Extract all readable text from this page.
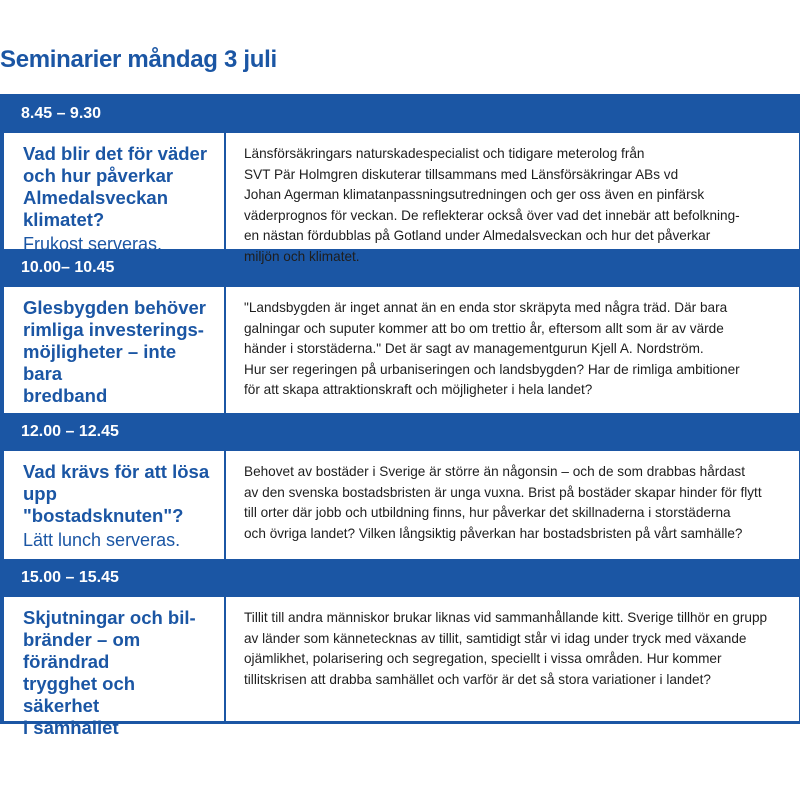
Seminarier måndag 3 juli
8.45 – 9.30
Vad blir det för väder
och hur påverkar
Almedalsveckan
klimatet?
Frukost serveras.
Länsförsäkringars naturskadespecialist och tidigare meterolog från
SVT Pär Holmgren diskuterar tillsammans med Länsförsäkringar ABs vd
Johan Agerman klimatanpassningsutredningen och ger oss även en pinfärsk
väderprognos för veckan. De reflekterar också över vad det innebär att befolkning-
en nästan fördubblas på Gotland under Almedalsveckan och hur det påverkar
miljön och klimatet.
10.00– 10.45
Glesbygden behöver
rimliga investerings-
möjligheter – inte bara
bredband
"Landsbygden är inget annat än en enda stor skräpyta med några träd. Där bara
galningar och suputer kommer att bo om trettio år, eftersom allt som är av värde
händer i storstäderna." Det är sagt av managementgurun Kjell A. Nordström.
Hur ser regeringen på urbaniseringen och landsbygden? Har de rimliga ambitioner
för att skapa attraktionskraft och möjligheter i hela landet?
12.00 – 12.45
Vad krävs för att lösa
upp "bostadsknuten"?
Lätt lunch serveras.
Behovet av bostäder i Sverige är större än någonsin – och de som drabbas hårdast
av den svenska bostadsbristen är unga vuxna. Brist på bostäder skapar hinder för flytt
till orter där jobb och utbildning finns, hur påverkar det skillnaderna i storstäderna
och övriga landet? Vilken långsiktig påverkan har bostadsbristen på vårt samhälle?
15.00 – 15.45
Skjutningar och bil-
bränder – om förändrad
trygghet och säkerhet
i samhället
Tillit till andra människor brukar liknas vid sammanhållande kitt. Sverige tillhör en grupp
av länder som kännetecknas av tillit, samtidigt står vi idag under tryck med växande
ojämlikhet, polarisering och segregation, speciellt i vissa områden. Hur kommer
tillitskrisen att drabba samhället och varför är det så stora variationer i landet?
